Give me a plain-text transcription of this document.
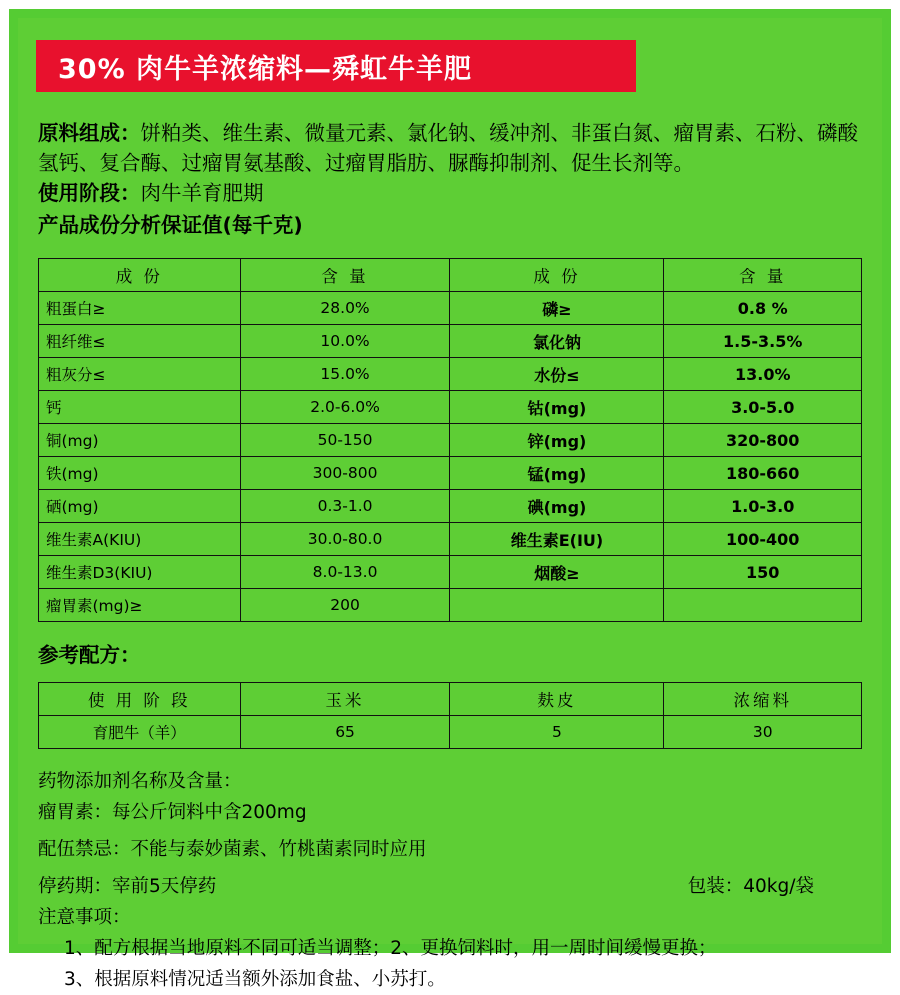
30% 肉牛羊浓缩料—舜虹牛羊肥
原料组成：饼粕类、维生素、微量元素、氯化钠、缓冲剂、非蛋白氮、瘤胃素、石粉、磷酸氢钙、复合酶、过瘤胃氨基酸、过瘤胃脂肪、脲酶抑制剂、促生长剂等。
使用阶段：肉牛羊育肥期
产品成份分析保证值(每千克)
成 份	含 量	成 份	含 量
粗蛋白≥	28.0%	磷≥	0.8 %
粗纤维≤	10.0%	氯化钠	1.5-3.5%
粗灰分≤	15.0%	水份≤	13.0%
钙	2.0-6.0%	钴(mg)	3.0-5.0
铜(mg)	50-150	锌(mg)	320-800
铁(mg)	300-800	锰(mg)	180-660
硒(mg)	0.3-1.0	碘(mg)	1.0-3.0
维生素A(KIU)	30.0-80.0	维生素E(IU)	100-400
维生素D3(KIU)	8.0-13.0	烟酸≥	150
瘤胃素(mg)≥	200		
参考配方：
使 用 阶 段	玉米	麸皮	浓缩料
育肥牛（羊）	65	5	30
药物添加剂名称及含量：
瘤胃素：每公斤饲料中含200mg
配伍禁忌：不能与泰妙菌素、竹桃菌素同时应用
停药期：宰前5天停药	包装：40kg/袋
注意事项：
1、配方根据当地原料不同可适当调整；2、更换饲料时，用一周时间缓慢更换；
3、根据原料情况适当额外添加食盐、小苏打。
